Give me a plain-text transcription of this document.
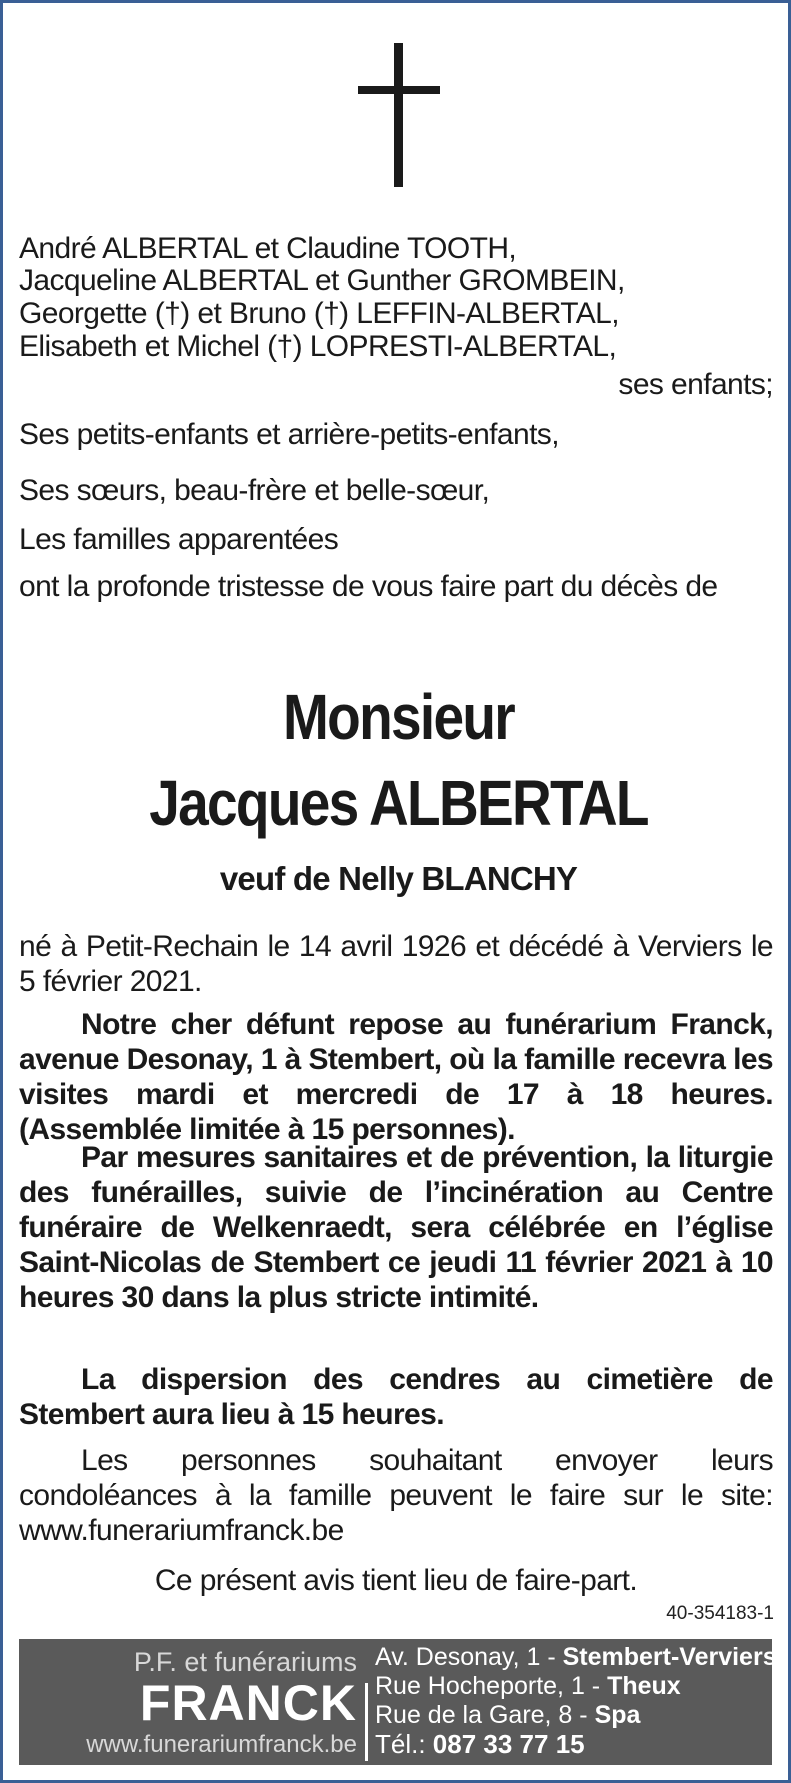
André ALBERTAL et Claudine TOOTH,
Jacqueline ALBERTAL et Gunther GROMBEIN,
Georgette (†) et Bruno (†) LEFFIN-ALBERTAL,
Elisabeth et Michel (†) LOPRESTI-ALBERTAL,
ses enfants;
Ses petits-enfants et arrière-petits-enfants,
Ses sœurs, beau-frère et belle-sœur,
Les familles apparentées
ont la profonde tristesse de vous faire part du décès de
Monsieur
Jacques ALBERTAL
veuf de Nelly BLANCHY
né à Petit-Rechain le 14 avril 1926 et décédé à Verviers le 5 février 2021.
Notre cher défunt repose au funérarium Franck, avenue Desonay, 1 à Stembert, où la famille recevra les visites mardi et mercredi de 17 à 18 heures. (Assemblée limitée à 15 personnes).
Par mesures sanitaires et de prévention, la liturgie des funérailles, suivie de l’incinération au Centre funéraire de Welkenraedt, sera célébrée en l’église Saint-Nicolas de Stembert ce jeudi 11 février 2021 à 10 heures 30 dans la plus stricte intimité.
La dispersion des cendres au cimetière de Stembert aura lieu à 15 heures.
Les personnes souhaitant envoyer leurs condoléances à la famille peuvent le faire sur le site: www.funerariumfranck.be
Ce présent avis tient lieu de faire-part.
40-354183-1
P.F. et funérariums
FRANCK
www.funerariumfranck.be
Av. Desonay, 1 - Stembert-Verviers
Rue Hocheporte, 1 - Theux
Rue de la Gare, 8 - Spa
Tél.: 087 33 77 15
